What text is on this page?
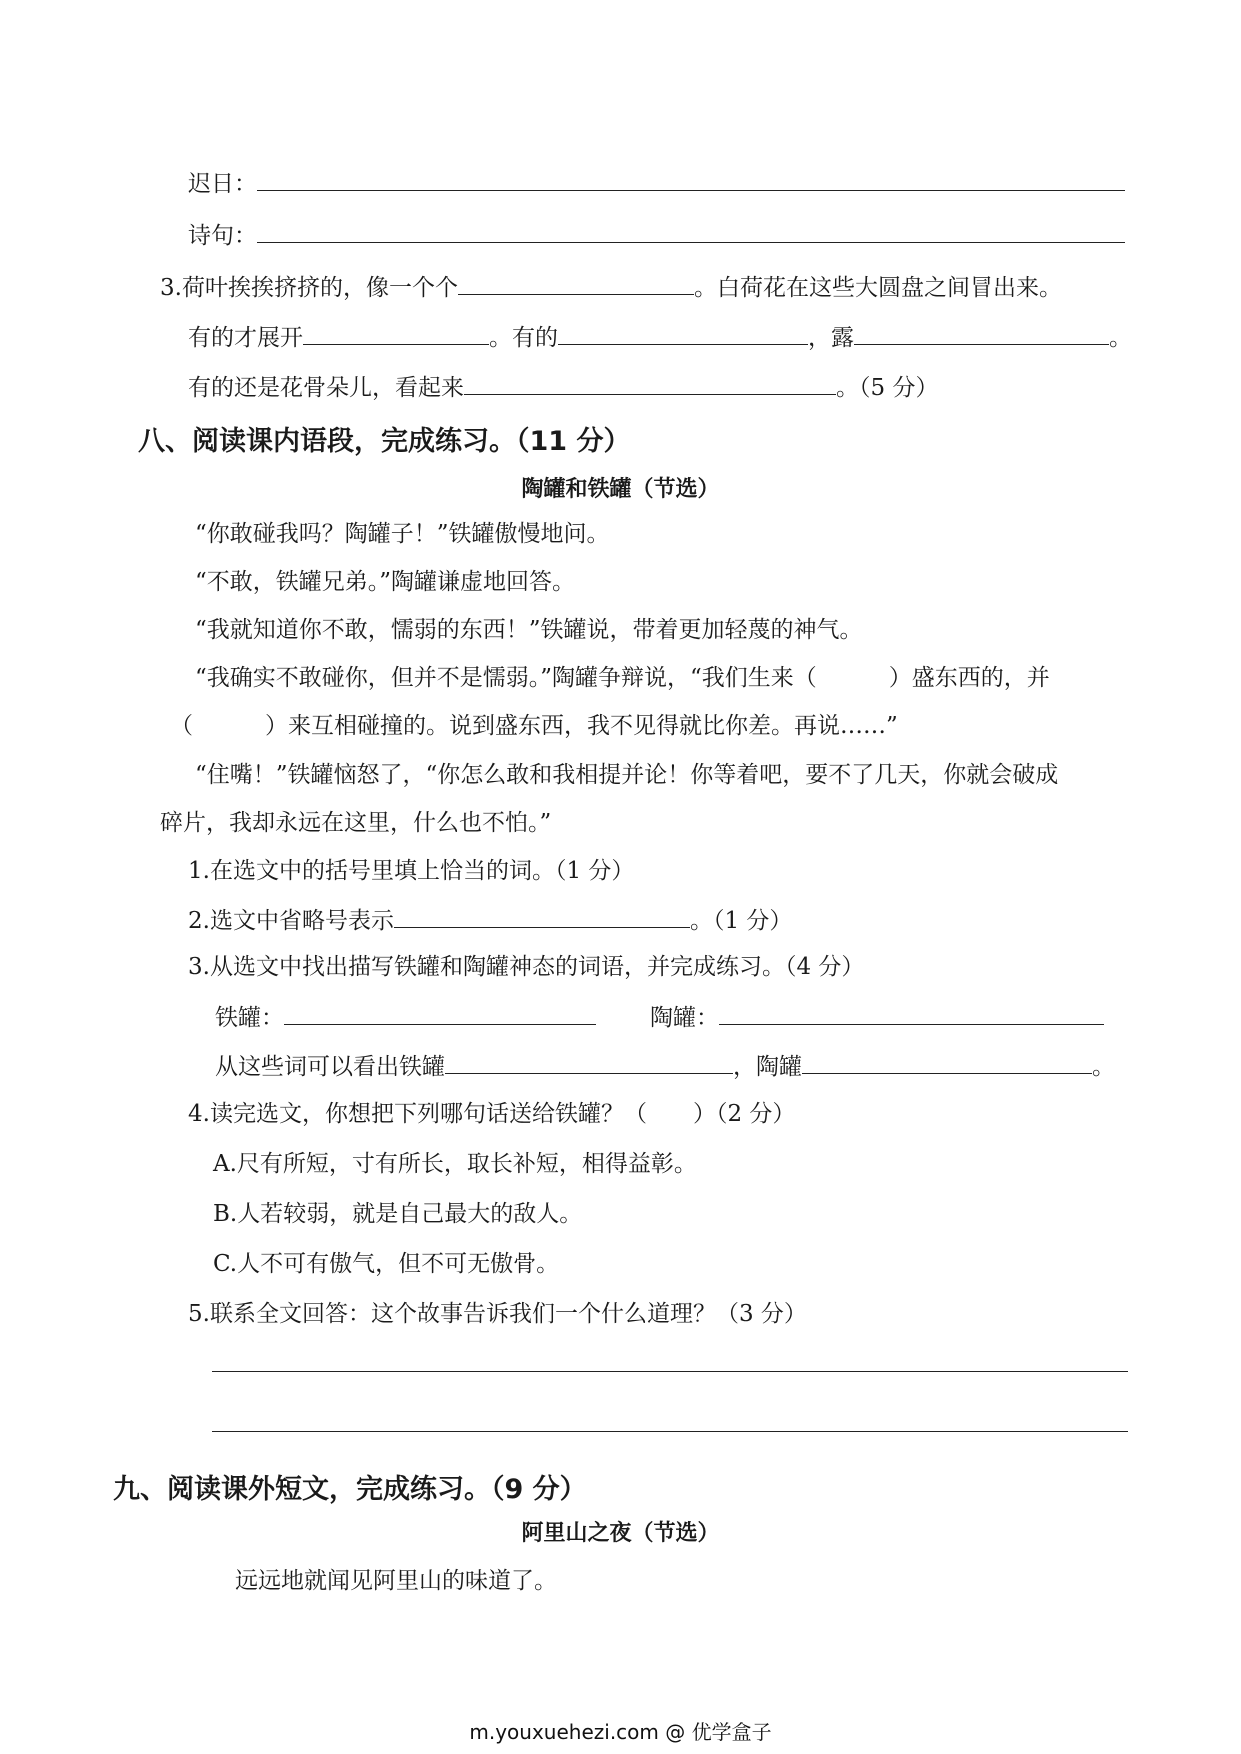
迟日：
诗句：
3.荷叶挨挨挤挤的，像一个个	。白荷花在这些大圆盘之间冒出来。
有的才展开	。有的	，露	。
有的还是花骨朵儿，看起来	。（5 分）
八、阅读课内语段，完成练习。（11 分）
陶罐和铁罐（节选）
“你敢碰我吗？陶罐子！”铁罐傲慢地问。
“不敢，铁罐兄弟。”陶罐谦虚地回答。
“我就知道你不敢，懦弱的东西！”铁罐说，带着更加轻蔑的神气。
“我确实不敢碰你，但并不是懦弱。”陶罐争辩说，“我们生来（	）盛东西的，并
（	）来互相碰撞的。说到盛东西，我不见得就比你差。再说……”
“住嘴！”铁罐恼怒了，“你怎么敢和我相提并论！你等着吧，要不了几天，你就会破成
碎片，我却永远在这里，什么也不怕。”
1.在选文中的括号里填上恰当的词。（1 分）
2.选文中省略号表示	。（1 分）
3.从选文中找出描写铁罐和陶罐神态的词语，并完成练习。（4 分）
铁罐：	陶罐：
从这些词可以看出铁罐	，陶罐	。
4.读完选文，你想把下列哪句话送给铁罐？（　　）（2 分）
A.尺有所短，寸有所长，取长补短，相得益彰。
B.人若较弱，就是自己最大的敌人。
C.人不可有傲气，但不可无傲骨。
5.联系全文回答：这个故事告诉我们一个什么道理？（3 分）
九、阅读课外短文，完成练习。（9 分）
阿里山之夜（节选）
远远地就闻见阿里山的味道了。
m.youxuehezi.com @ 优学盒子
